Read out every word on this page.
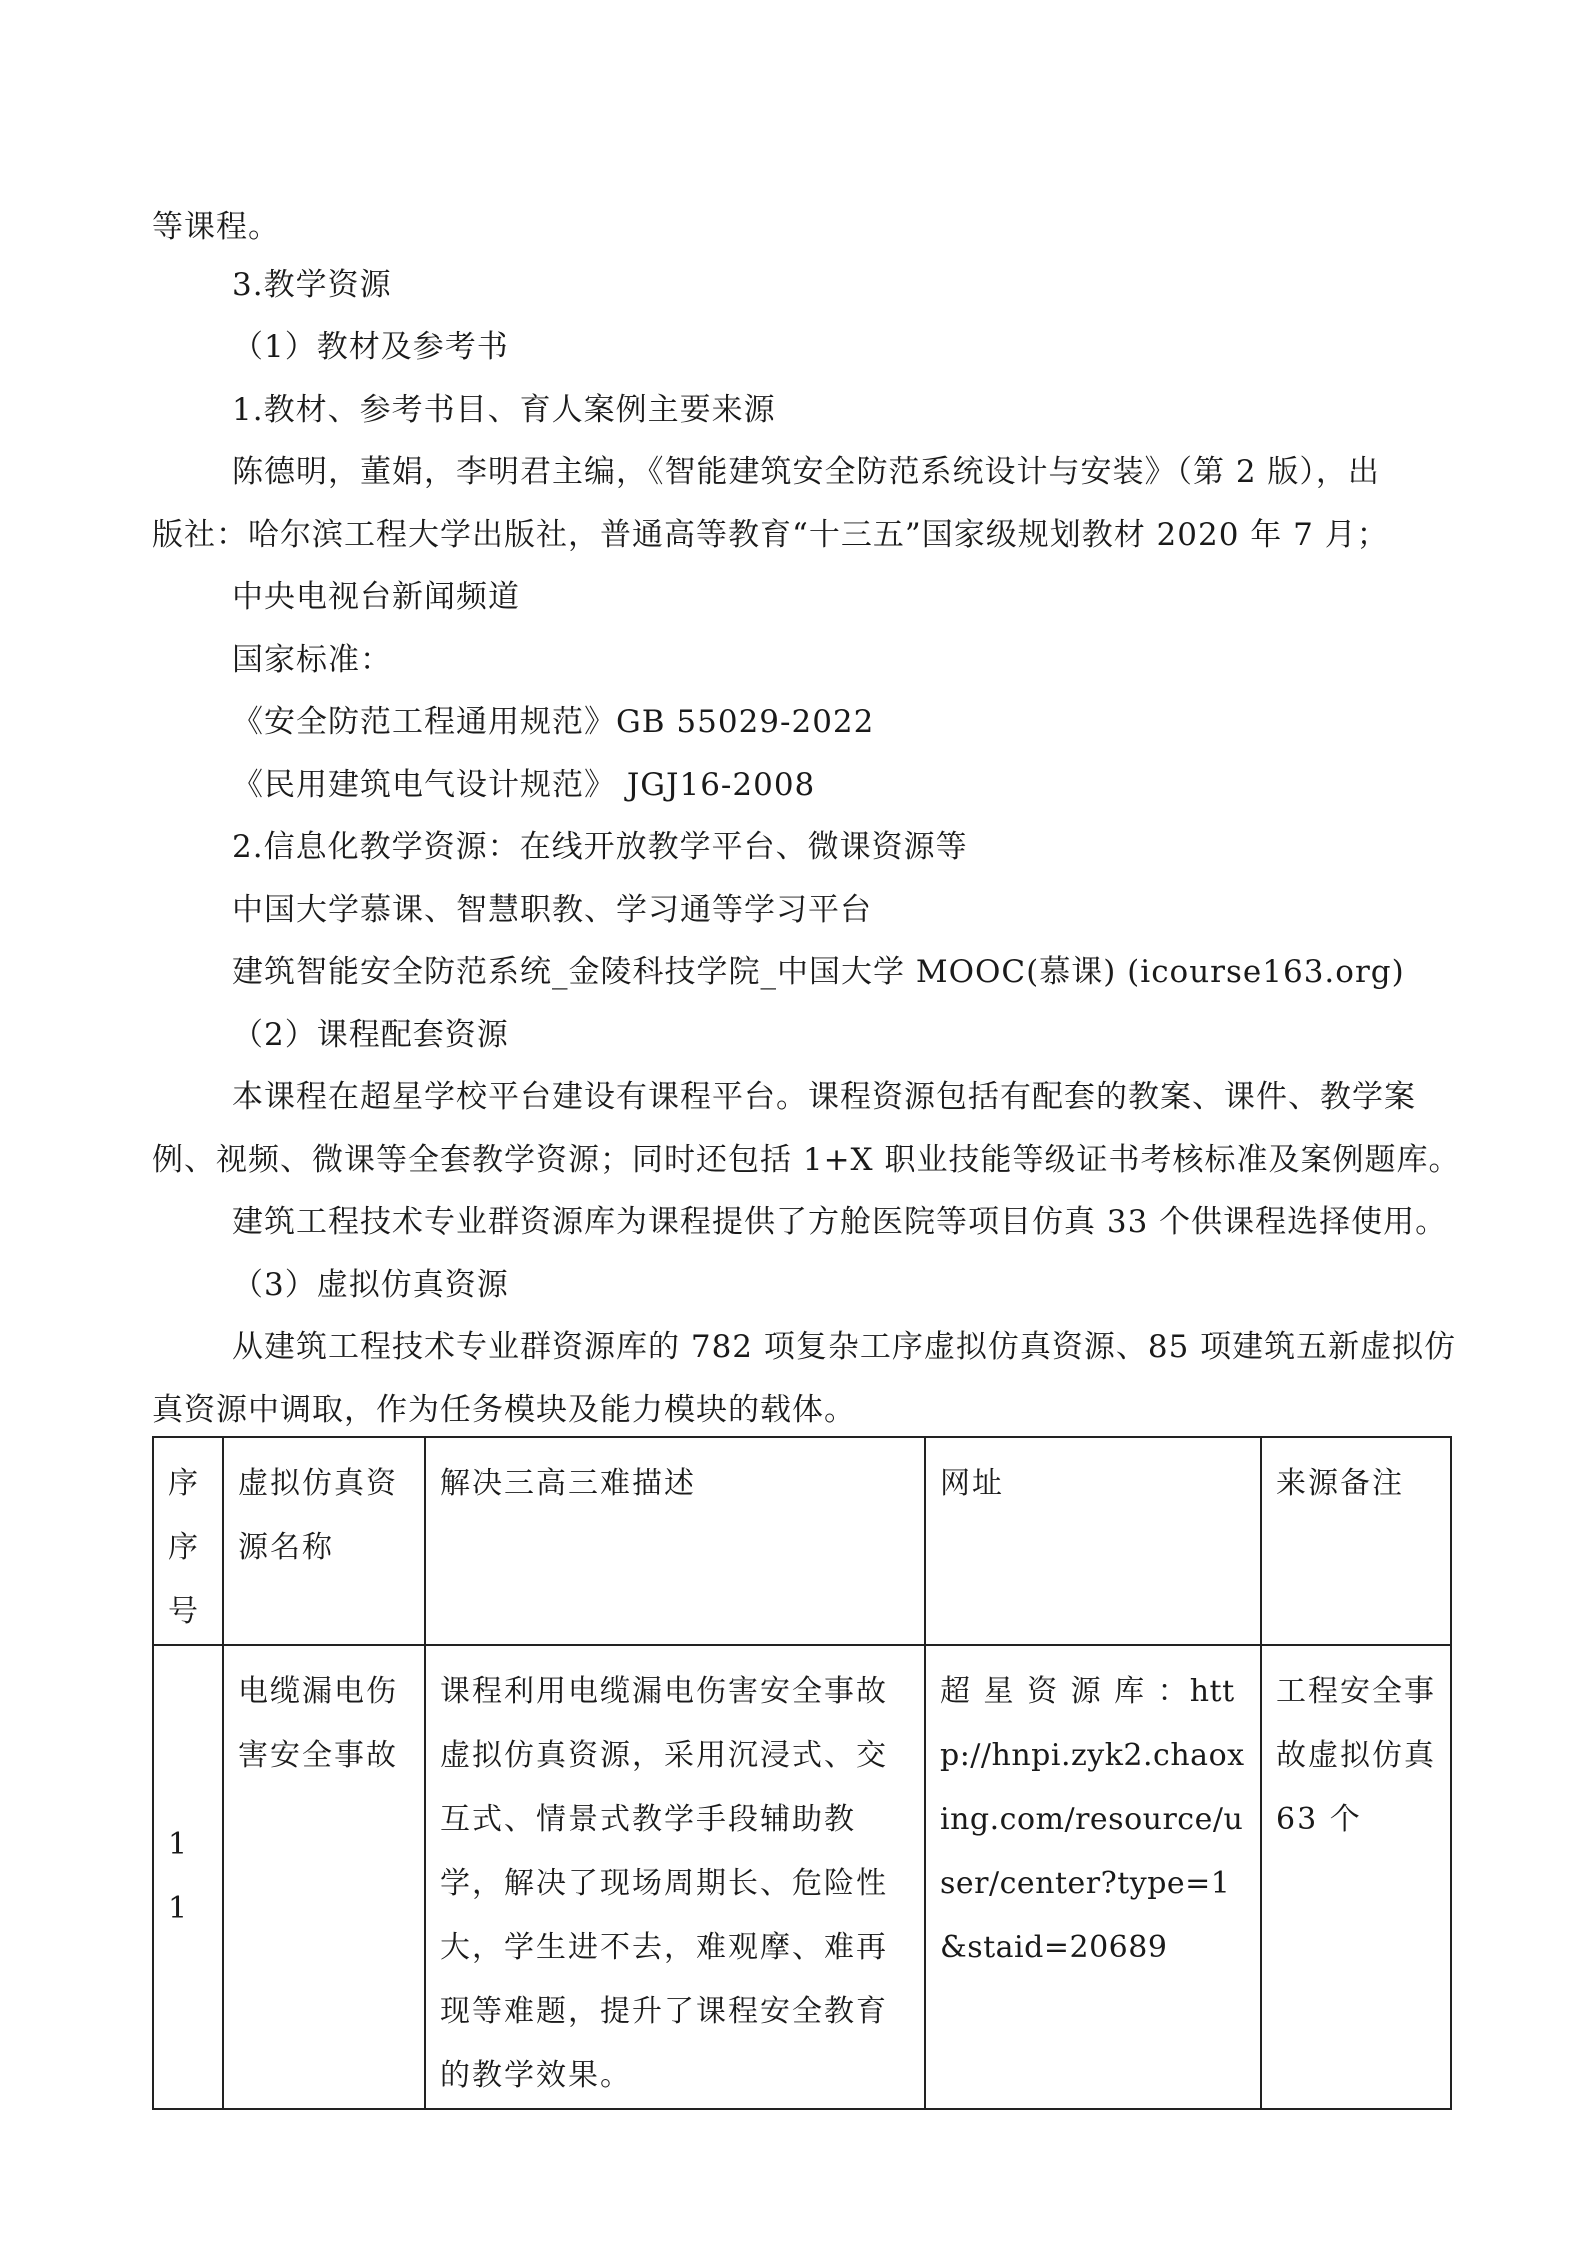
等课程。
3.教学资源
（1）教材及参考书
1.教材、参考书目、育人案例主要来源
陈德明，董娟，李明君主编，《智能建筑安全防范系统设计与安装》（第 2 版），出
版社：哈尔滨工程大学出版社，普通高等教育“十三五”国家级规划教材 2020 年 7 月；
中央电视台新闻频道
国家标准：
《安全防范工程通用规范》GB 55029-2022
《民用建筑电气设计规范》 JGJ16-2008
2.信息化教学资源：在线开放教学平台、微课资源等
中国大学慕课、智慧职教、学习通等学习平台
建筑智能安全防范系统_金陵科技学院_中国大学 MOOC(慕课) (icourse163.org)
（2）课程配套资源
本课程在超星学校平台建设有课程平台。课程资源包括有配套的教案、课件、教学案
例、视频、微课等全套教学资源；同时还包括 1+X 职业技能等级证书考核标准及案例题库。
建筑工程技术专业群资源库为课程提供了方舱医院等项目仿真 33 个供课程选择使用。
（3）虚拟仿真资源
从建筑工程技术专业群资源库的 782 项复杂工序虚拟仿真资源、85 项建筑五新虚拟仿
真资源中调取，作为任务模块及能力模块的载体。
序序号	虚拟仿真资源名称	解决三高三难描述	网址	来源备注
11	电缆漏电伤害安全事故	课程利用电缆漏电伤害安全事故虚拟仿真资源，采用沉浸式、交互式、情景式教学手段辅助教学，解决了现场周期长、危险性大，学生进不去，难观摩、难再现等难题，提升了课程安全教育的教学效果。	超 星 资 源 库 ：http://hnpi.zyk2.chaoxing.com/resource/user/center?type=1&staid=20689	工程安全事故虚拟仿真 63 个
